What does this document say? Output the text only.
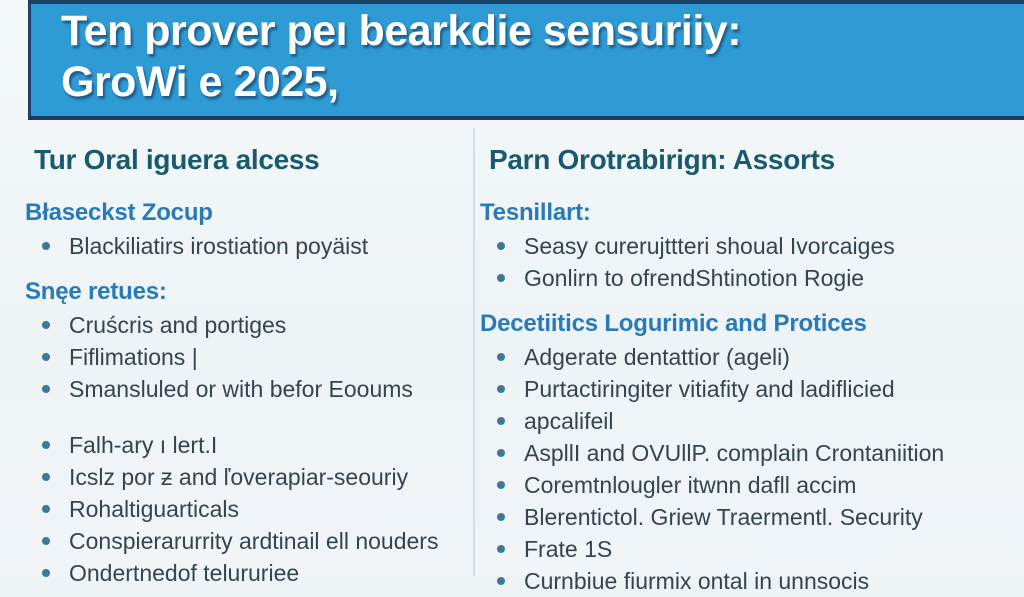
Ten prover peı bearkdie sensuriiy:
GroWi e 2025,
Tur Oral iguera alcess
Błaseckst Zocup
Blackiliatirs irostiation poyäist
Snęe retues:
Cruścris and portiges
Fiflimations |
Smansluled or with befor Eooums
Falh-ary ı lert.I
Icslz por ƶ and ľoverapiar-seouriy
Rohaltiguarticals
Conspierarurrity ardtinail ell nouders
Ondertnedof telururiee
Parn Orotrabirign: Assorts
Tesnillart:
Seasy curerujttteri shoual Ivorcaiges
Gonlirn to ofrendShtinotion Rogie
Decetiitics Logurimic and Protices
Adgerate dentattior (ageli)
Purtactiringiter vitiafity and ladiflicied
apcalifeil
AspllI and OVUllP. complain Crontaniition
Coremtnlougler itwnn dafll accim
Blerentictol. Griew Traermentl. Security
Frate 1S
Curnbiue fiurmix ontal in unnsocis
